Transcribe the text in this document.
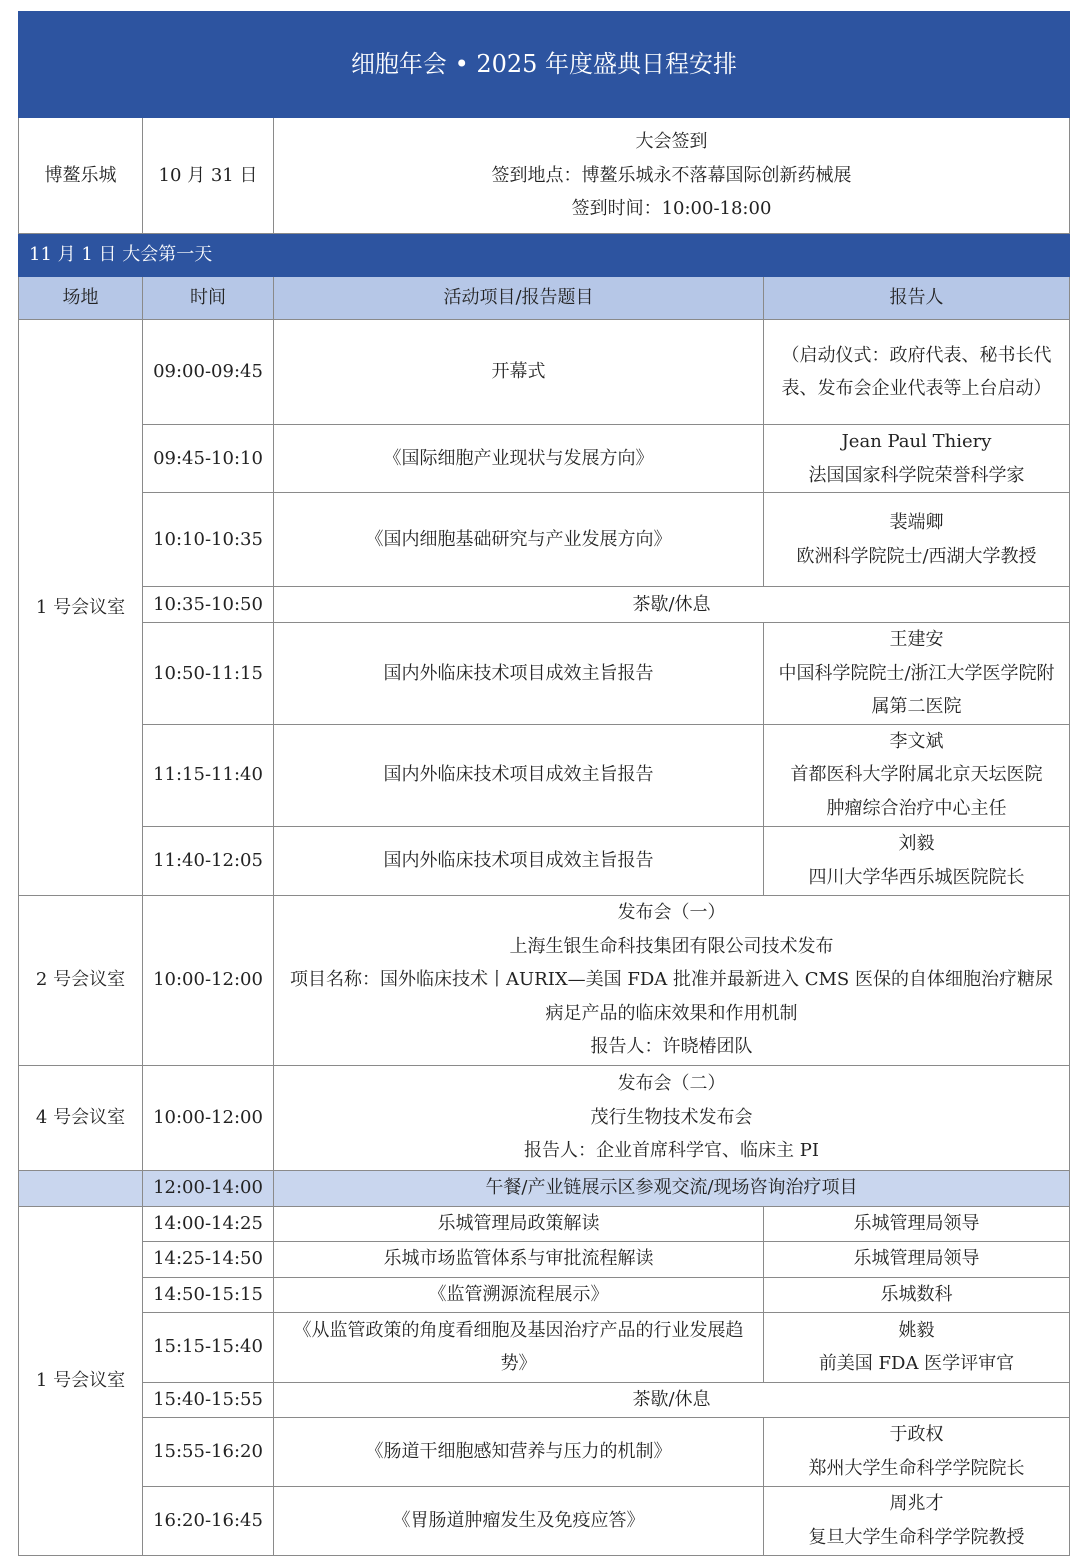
细胞年会 • 2025 年度盛典日程安排			
博鳌乐城	10 月 31 日	大会签到
签到地点：博鳌乐城永不落幕国际创新药械展
签到时间：10:00-18:00	

11 月 1 日 大会第一天			
场地	时间	活动项目/报告题目	报告人
1 号会议室	09:00-09:45	开幕式	（启动仪式：政府代表、秘书长代表、发布会企业代表等上台启动）

	09:45-10:10	《国际细胞产业现状与发展方向》	Jean Paul Thiery
法国国家科学院荣誉科学家

	10:10-10:35	《国内细胞基础研究与产业发展方向》	裴端卿
欧洲科学院院士/西湖大学教授

	10:35-10:50	茶歇/休息	
	10:50-11:15	国内外临床技术项目成效主旨报告	王建安
中国科学院院士/浙江大学医学院附属第二医院

	11:15-11:40	国内外临床技术项目成效主旨报告	李文斌
首都医科大学附属北京天坛医院
肿瘤综合治疗中心主任

	11:40-12:05	国内外临床技术项目成效主旨报告	刘毅
四川大学华西乐城医院院长

2 号会议室	10:00-12:00	发布会（一）
上海生银生命科技集团有限公司技术发布
项目名称：国外临床技术丨AURIX—美国 FDA 批准并最新进入 CMS 医保的自体细胞治疗糖尿病足产品的临床效果和作用机制
报告人：许晓椿团队	

4 号会议室	10:00-12:00	发布会（二）
茂行生物技术发布会
报告人：企业首席科学官、临床主 PI	

	12:00-14:00	午餐/产业链展示区参观交流/现场咨询治疗项目	
1 号会议室	14:00-14:25	乐城管理局政策解读	乐城管理局领导

	14:25-14:50	乐城市场监管体系与审批流程解读	乐城管理局领导

	14:50-15:15	《监管溯源流程展示》	乐城数科

	15:15-15:40	《从监管政策的角度看细胞及基因治疗产品的行业发展趋势》	姚毅
前美国 FDA 医学评审官

	15:40-15:55	茶歇/休息	
	15:55-16:20	《肠道干细胞感知营养与压力的机制》	于政权
郑州大学生命科学学院院长

	16:20-16:45	《胃肠道肿瘤发生及免疫应答》	周兆才
复旦大学生命科学学院教授
